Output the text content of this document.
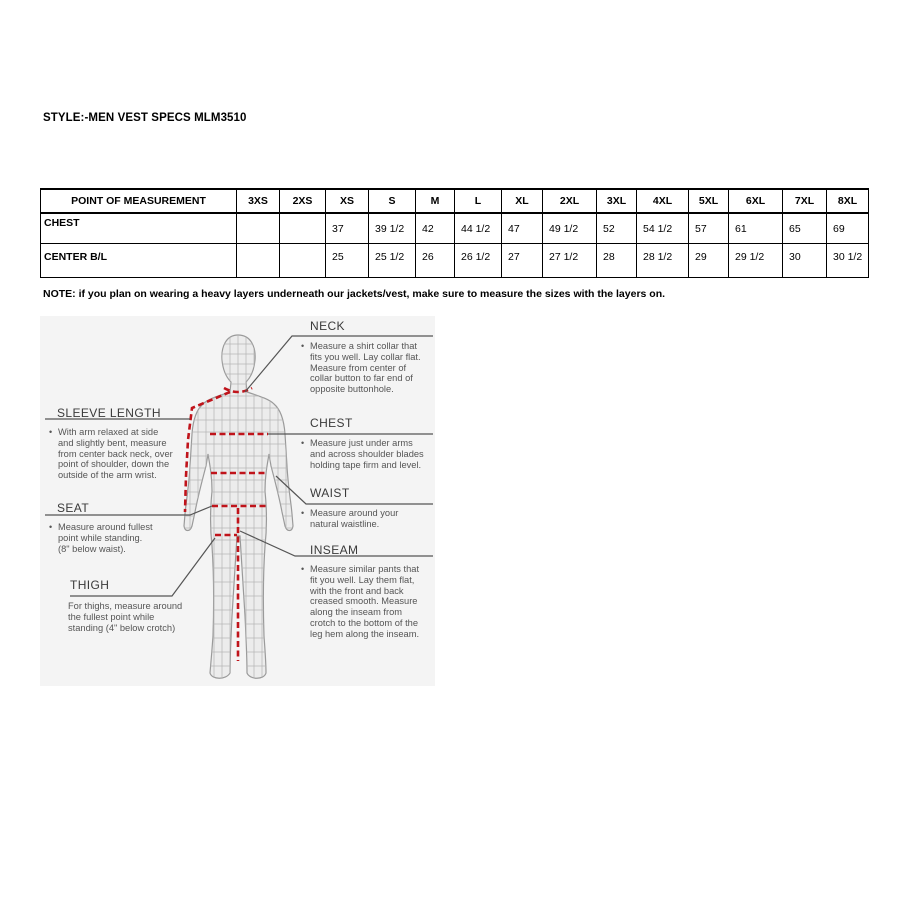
STYLE:-MEN VEST SPECS MLM3510
POINT OF MEASUREMENT	3XS	2XS	XS	S	M	L	XL	2XL	3XL	4XL	5XL	6XL	7XL	8XL
CHEST			37	39 1/2	42	44 1/2	47	49 1/2	52	54 1/2	57	61	65	69
CENTER B/L			25	25 1/2	26	26 1/2	27	27 1/2	28	28 1/2	29	29 1/2	30	30 1/2
NOTE: if you plan on wearing a heavy layers underneath our jackets/vest, make sure to measure the sizes with the layers on.
NECK
• Measure a shirt collar that
fits you well. Lay collar flat.
Measure from center of
collar button to far end of
opposite buttonhole.
CHEST
• Measure just under arms
and across shoulder blades
holding tape firm and level.
WAIST
• Measure around your
natural waistline.
INSEAM
• Measure similar pants that
fit you well. Lay them flat,
with the front and back
creased smooth. Measure
along the inseam from
crotch to the bottom of the
leg hem along the inseam.
SLEEVE LENGTH
• With arm relaxed at side
and slightly bent, measure
from center back neck, over
point of shoulder, down the
outside of the arm wrist.
SEAT
• Measure around fullest
point while standing.
(8" below waist).
THIGH
For thighs, measure around
the fullest point while
standing (4" below crotch)
